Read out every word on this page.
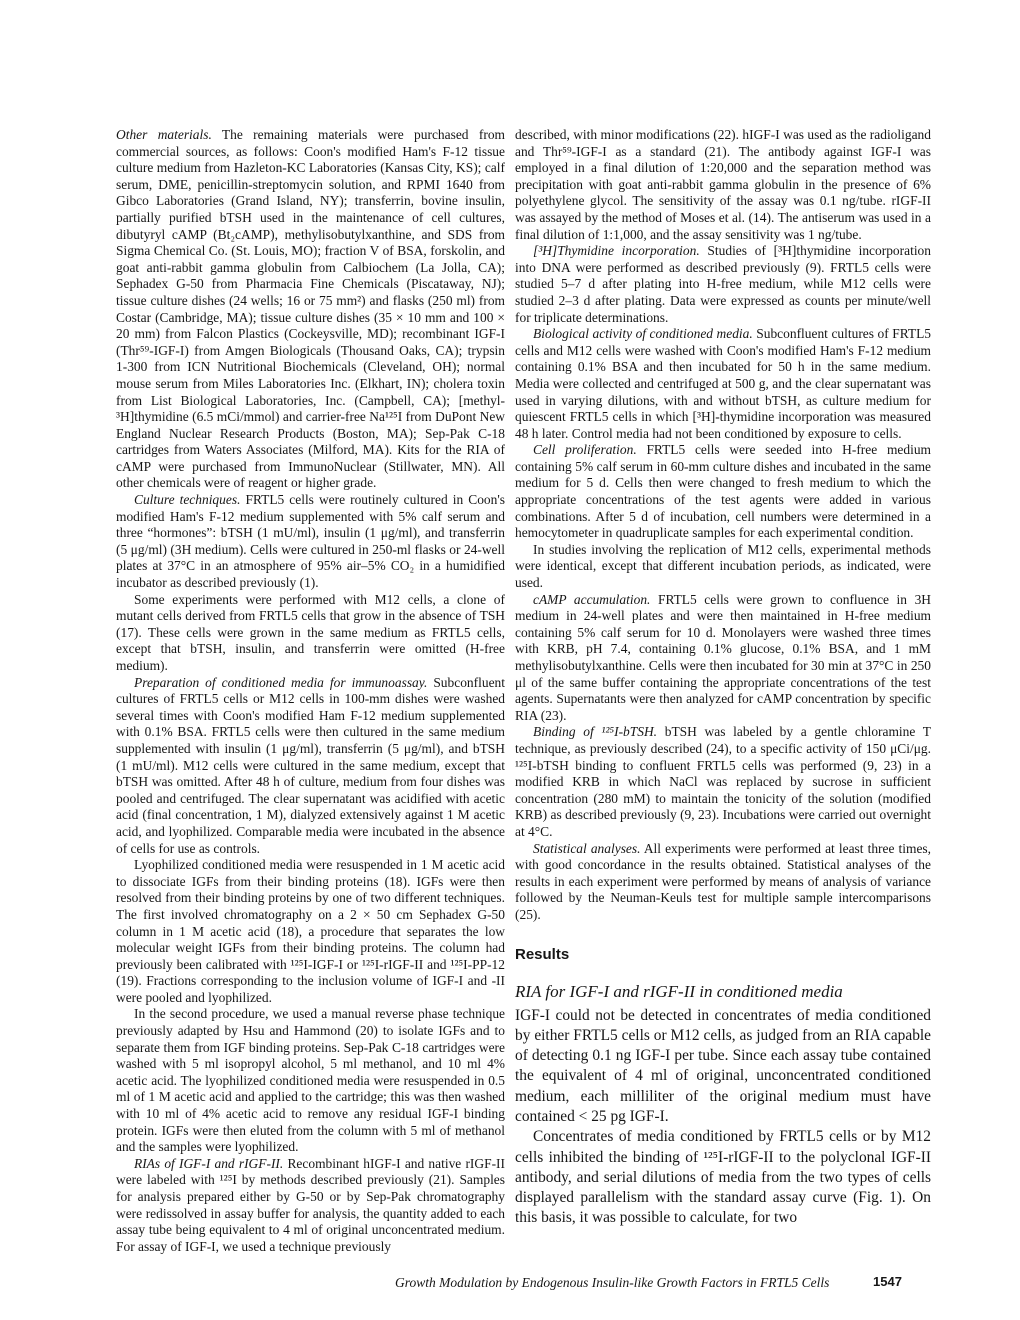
Other materials. The remaining materials were purchased from commercial sources, as follows: Coon's modified Ham's F-12 tissue culture medium from Hazleton-KC Laboratories (Kansas City, KS); calf serum, DME, penicillin-streptomycin solution, and RPMI 1640 from Gibco Laboratories (Grand Island, NY); transferrin, bovine insulin, partially purified bTSH used in the maintenance of cell cultures, dibutyryl cAMP (Bt₂cAMP), methylisobutylxanthine, and SDS from Sigma Chemical Co. (St. Louis, MO); fraction V of BSA, forskolin, and goat anti-rabbit gamma globulin from Calbiochem (La Jolla, CA); Sephadex G-50 from Pharmacia Fine Chemicals (Piscataway, NJ); tissue culture dishes (24 wells; 16 or 75 mm²) and flasks (250 ml) from Costar (Cambridge, MA); tissue culture dishes (35 × 10 mm and 100 × 20 mm) from Falcon Plastics (Cockeysville, MD); recombinant IGF-I (Thr⁵⁹-IGF-I) from Amgen Biologicals (Thousand Oaks, CA); trypsin 1-300 from ICN Nutritional Biochemicals (Cleveland, OH); normal mouse serum from Miles Laboratories Inc. (Elkhart, IN); cholera toxin from List Biological Laboratories, Inc. (Campbell, CA); [methyl-³H]thymidine (6.5 mCi/mmol) and carrier-free Na¹²⁵I from DuPont New England Nuclear Research Products (Boston, MA); Sep-Pak C-18 cartridges from Waters Associates (Milford, MA). Kits for the RIA of cAMP were purchased from ImmunoNuclear (Stillwater, MN). All other chemicals were of reagent or higher grade.

Culture techniques. FRTL5 cells were routinely cultured in Coon's modified Ham's F-12 medium supplemented with 5% calf serum and three “hormones”: bTSH (1 mU/ml), insulin (1 μg/ml), and transferrin (5 μg/ml) (3H medium). Cells were cultured in 250-ml flasks or 24-well plates at 37°C in an atmosphere of 95% air–5% CO₂ in a humidified incubator as described previously (1).

Some experiments were performed with M12 cells, a clone of mutant cells derived from FRTL5 cells that grow in the absence of TSH (17). These cells were grown in the same medium as FRTL5 cells, except that bTSH, insulin, and transferrin were omitted (H-free medium).

Preparation of conditioned media for immunoassay. Subconfluent cultures of FRTL5 cells or M12 cells in 100-mm dishes were washed several times with Coon's modified Ham F-12 medium supplemented with 0.1% BSA. FRTL5 cells were then cultured in the same medium supplemented with insulin (1 μg/ml), transferrin (5 μg/ml), and bTSH (1 mU/ml). M12 cells were cultured in the same medium, except that bTSH was omitted. After 48 h of culture, medium from four dishes was pooled and centrifuged. The clear supernatant was acidified with acetic acid (final concentration, 1 M), dialyzed extensively against 1 M acetic acid, and lyophilized. Comparable media were incubated in the absence of cells for use as controls.

Lyophilized conditioned media were resuspended in 1 M acetic acid to dissociate IGFs from their binding proteins (18). IGFs were then resolved from their binding proteins by one of two different techniques. The first involved chromatography on a 2 × 50 cm Sephadex G-50 column in 1 M acetic acid (18), a procedure that separates the low molecular weight IGFs from their binding proteins. The column had previously been calibrated with ¹²⁵I-IGF-I or ¹²⁵I-rIGF-II and ¹²⁵I-PP-12 (19). Fractions corresponding to the inclusion volume of IGF-I and -II were pooled and lyophilized.

In the second procedure, we used a manual reverse phase technique previously adapted by Hsu and Hammond (20) to isolate IGFs and to separate them from IGF binding proteins. Sep-Pak C-18 cartridges were washed with 5 ml isopropyl alcohol, 5 ml methanol, and 10 ml 4% acetic acid. The lyophilized conditioned media were resuspended in 0.5 ml of 1 M acetic acid and applied to the cartridge; this was then washed with 10 ml of 4% acetic acid to remove any residual IGF-I binding protein. IGFs were then eluted from the column with 5 ml of methanol and the samples were lyophilized.

RIAs of IGF-I and rIGF-II. Recombinant hIGF-I and native rIGF-II were labeled with ¹²⁵I by methods described previously (21). Samples for analysis prepared either by G-50 or by Sep-Pak chromatography were redissolved in assay buffer for analysis, the quantity added to each assay tube being equivalent to 4 ml of original unconcentrated medium. For assay of IGF-I, we used a technique previously

described, with minor modifications (22). hIGF-I was used as the radioligand and Thr⁵⁹-IGF-I as a standard (21). The antibody against IGF-I was employed in a final dilution of 1:20,000 and the separation method was precipitation with goat anti-rabbit gamma globulin in the presence of 6% polyethylene glycol. The sensitivity of the assay was 0.1 ng/tube. rIGF-II was assayed by the method of Moses et al. (14). The antiserum was used in a final dilution of 1:1,000, and the assay sensitivity was 1 ng/tube.

[³H]Thymidine incorporation. Studies of [³H]thymidine incorporation into DNA were performed as described previously (9). FRTL5 cells were studied 5–7 d after plating into H-free medium, while M12 cells were studied 2–3 d after plating. Data were expressed as counts per minute/well for triplicate determinations.

Biological activity of conditioned media. Subconfluent cultures of FRTL5 cells and M12 cells were washed with Coon's modified Ham's F-12 medium containing 0.1% BSA and then incubated for 50 h in the same medium. Media were collected and centrifuged at 500 g, and the clear supernatant was used in varying dilutions, with and without bTSH, as culture medium for quiescent FRTL5 cells in which [³H]-thymidine incorporation was measured 48 h later. Control media had not been conditioned by exposure to cells.

Cell proliferation. FRTL5 cells were seeded into H-free medium containing 5% calf serum in 60-mm culture dishes and incubated in the same medium for 5 d. Cells then were changed to fresh medium to which the appropriate concentrations of the test agents were added in various combinations. After 5 d of incubation, cell numbers were determined in a hemocytometer in quadruplicate samples for each experimental condition.

In studies involving the replication of M12 cells, experimental methods were identical, except that different incubation periods, as indicated, were used.

cAMP accumulation. FRTL5 cells were grown to confluence in 3H medium in 24-well plates and were then maintained in H-free medium containing 5% calf serum for 10 d. Monolayers were washed three times with KRB, pH 7.4, containing 0.1% glucose, 0.1% BSA, and 1 mM methylisobutylxanthine. Cells were then incubated for 30 min at 37°C in 250 μl of the same buffer containing the appropriate concentrations of the test agents. Supernatants were then analyzed for cAMP concentration by specific RIA (23).

Binding of ¹²⁵I-bTSH. bTSH was labeled by a gentle chloramine T technique, as previously described (24), to a specific activity of 150 μCi/μg. ¹²⁵I-bTSH binding to confluent FRTL5 cells was performed (9, 23) in a modified KRB in which NaCl was replaced by sucrose in sufficient concentration (280 mM) to maintain the tonicity of the solution (modified KRB) as described previously (9, 23). Incubations were carried out overnight at 4°C.

Statistical analyses. All experiments were performed at least three times, with good concordance in the results obtained. Statistical analyses of the results in each experiment were performed by means of analysis of variance followed by the Neuman-Keuls test for multiple sample intercomparisons (25).

Results
RIA for IGF-I and rIGF-II in conditioned media

IGF-I could not be detected in concentrates of media conditioned by either FRTL5 cells or M12 cells, as judged from an RIA capable of detecting 0.1 ng IGF-I per tube. Since each assay tube contained the equivalent of 4 ml of original, unconcentrated conditioned medium, each milliliter of the original medium must have contained < 25 pg IGF-I.

Concentrates of media conditioned by FRTL5 cells or by M12 cells inhibited the binding of ¹²⁵I-rIGF-II to the polyclonal IGF-II antibody, and serial dilutions of media from the two types of cells displayed parallelism with the standard assay curve (Fig. 1). On this basis, it was possible to calculate, for two

Growth Modulation by Endogenous Insulin-like Growth Factors in FRTL5 Cells	1547
